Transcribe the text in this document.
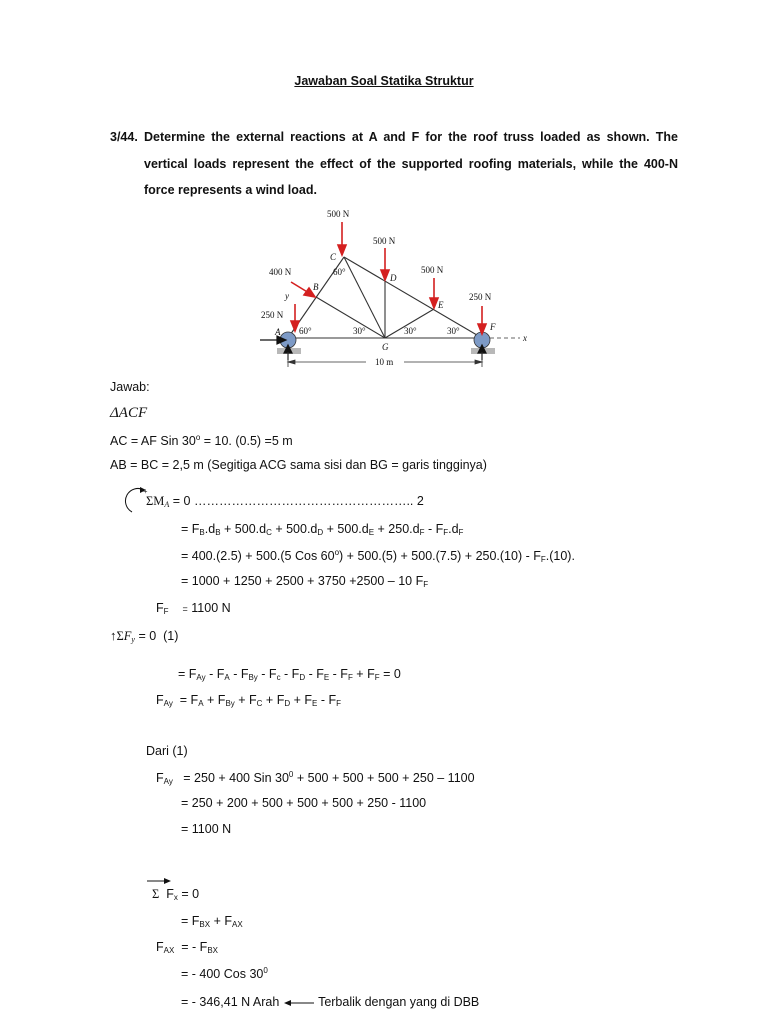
Jawaban Soal Statika Struktur
3/44. Determine the external reactions at A and F for the roof truss loaded as shown. The vertical loads represent the effect of the supported roofing materials, while the 400-N force represents a wind load.
500 N
500 N
500 N
250 N
400 N
250 N
C
D
E
B
F
G
A
y
x
60°
60°	30°	30°	30°
10 m
Jawab:
ΔACF
AC = AF Sin $30^o = 10$. (0.5) =5 m
AB = BC = 2,5 m (Segitiga ACG sama sisi dan BG = garis tingginya)
+
$\Sigma M_A = 0$ …………………………………………….. 2
= $F_B.d_B + 500.d_C + 500.d_D + 500.d_E + 250.d_F - F_F.d_F$
= 400.(2.5) + 500.(5 Cos $60^o) + 500.(5) + 500.(7.5) + 250.(10) - F_F.(10)$.
= 1000 + 1250 + 2500 + 3750 +2500 – 10 $F_F$
$F_F = 1100$ N
$↑\Sigma F_y = 0$  (1)
= $F_{Ay} - F_A - F_{By} - F_c - F_D - F_E - F_F + F_F = 0$
$F_{Ay} = F_A + F_{By} + F_C + F_D + F_E - F_F$
Dari (1)
$F_{Ay} = 250 + 400$ Sin $30^0 + 500 + 500 + 500 + 250 - 1100$
= 250 + 200 + 500 + 500 + 500 + 250 - 1100
= 1100 N
Σ  $F_x = 0$
= $F_{BX} + F_{AX}$
$F_{AX}$  = - $F_{BX}$
= - 400 Cos $30^0$
= - 346,41 N Arah	Terbalik dengan yang di DBB
